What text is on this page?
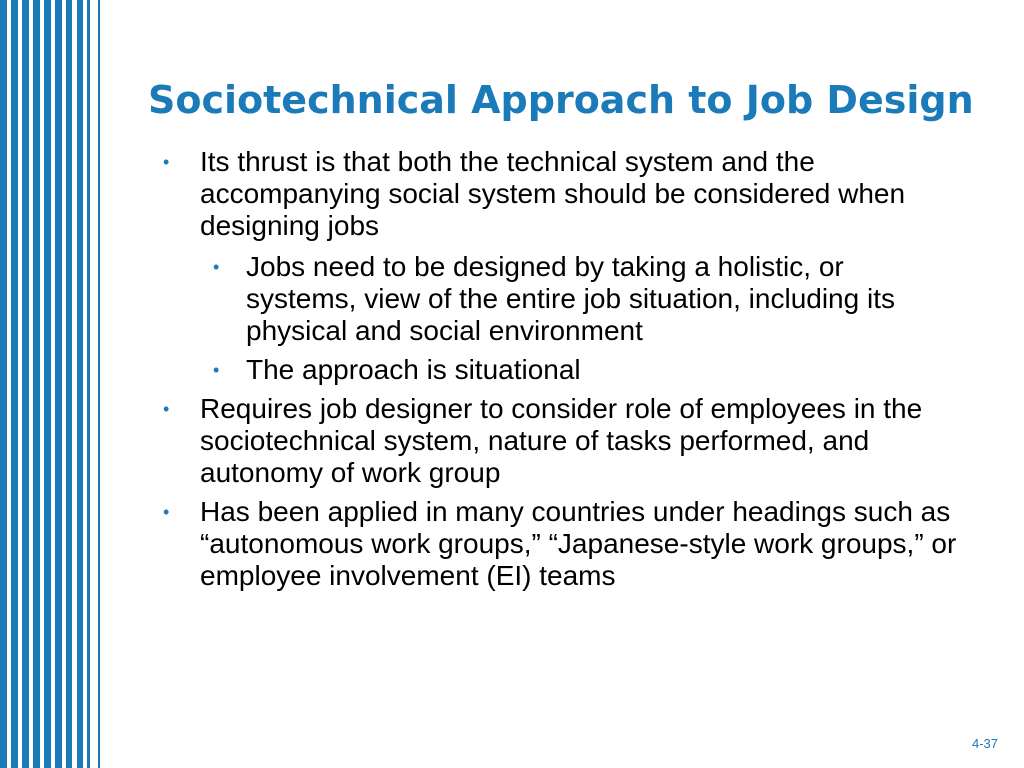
Sociotechnical Approach to Job Design
• Its thrust is that both the technical system and the accompanying social system should be considered when designing jobs
• Jobs need to be designed by taking a holistic, or systems, view of the entire job situation, including its physical and social environment
• The approach is situational
• Requires job designer to consider role of employees in the sociotechnical system, nature of tasks performed, and autonomy of work group
• Has been applied in many countries under headings such as “autonomous work groups,” “Japanese-style work groups,” or employee involvement (EI) teams
4-37
